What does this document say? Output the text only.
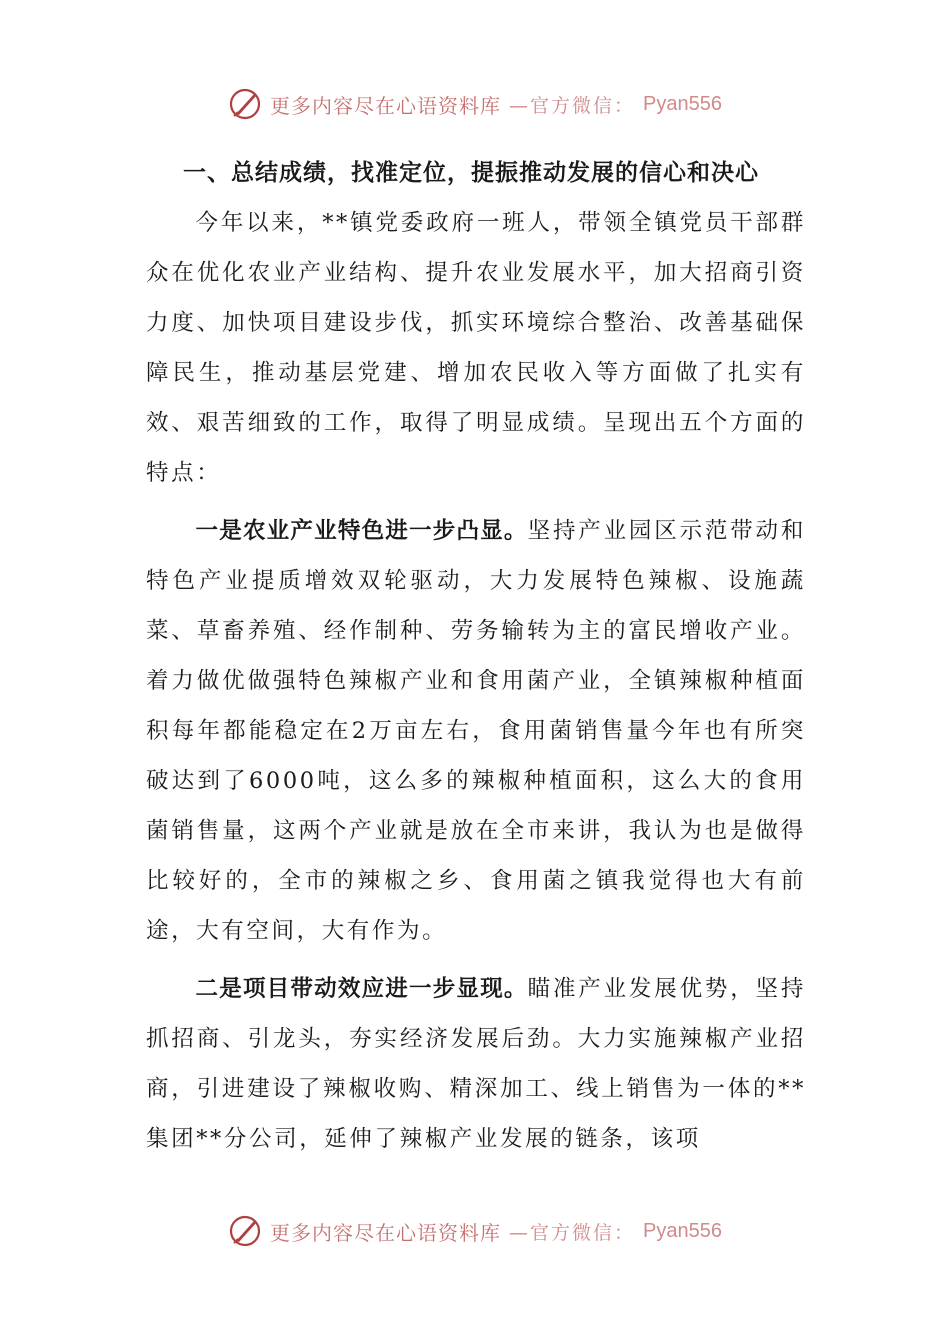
更多内容尽在心语资料库 —官方微信： Pyan556
一、总结成绩，找准定位，提振推动发展的信心和决心

今年以来，**镇党委政府一班人，带领全镇党员干部群众在优化农业产业结构、提升农业发展水平，加大招商引资力度、加快项目建设步伐，抓实环境综合整治、改善基础保障民生，推动基层党建、增加农民收入等方面做了扎实有效、艰苦细致的工作，取得了明显成绩。呈现出五个方面的特点：

一是农业产业特色进一步凸显。坚持产业园区示范带动和特色产业提质增效双轮驱动，大力发展特色辣椒、设施蔬菜、草畜养殖、经作制种、劳务输转为主的富民增收产业。着力做优做强特色辣椒产业和食用菌产业，全镇辣椒种植面积每年都能稳定在2万亩左右，食用菌销售量今年也有所突破达到了6000吨，这么多的辣椒种植面积，这么大的食用菌销售量，这两个产业就是放在全市来讲，我认为也是做得比较好的，全市的辣椒之乡、食用菌之镇我觉得也大有前途，大有空间，大有作为。

二是项目带动效应进一步显现。瞄准产业发展优势，坚持抓招商、引龙头，夯实经济发展后劲。大力实施辣椒产业招商，引进建设了辣椒收购、精深加工、线上销售为一体的**集团**分公司，延伸了辣椒产业发展的链条，该项

更多内容尽在心语资料库 —官方微信： Pyan556
